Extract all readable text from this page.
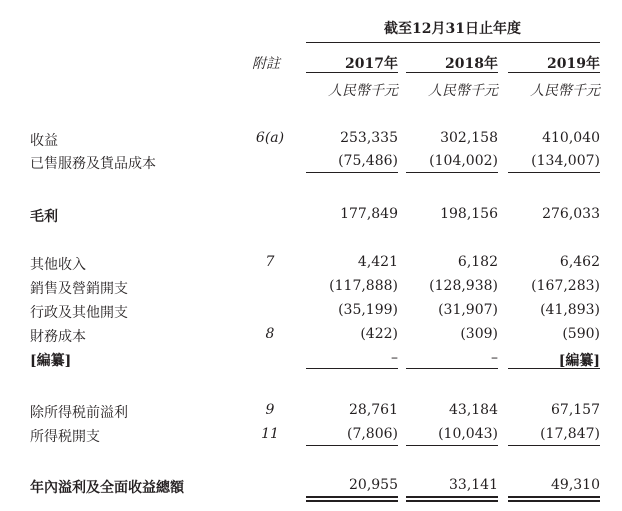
截至12月31日止年度
附註	2017年	2018年	2019年
人民幣千元	人民幣千元	人民幣千元
收益	6(a)	253,335	302,158	410,040
已售服務及貨品成本	(75,486)	(104,002)	(134,007)
毛利	177,849	198,156	276,033
其他收入	7	4,421	6,182	6,462
銷售及營銷開支	(117,888)	(128,938)	(167,283)
行政及其他開支	(35,199)	(31,907)	(41,893)
財務成本	8	(422)	(309)	(590)
[編纂]	–	–	[編纂]
除所得税前溢利	9	28,761	43,184	67,157
所得税開支	11	(7,806)	(10,043)	(17,847)
年內溢利及全面收益總額	20,955	33,141	49,310
